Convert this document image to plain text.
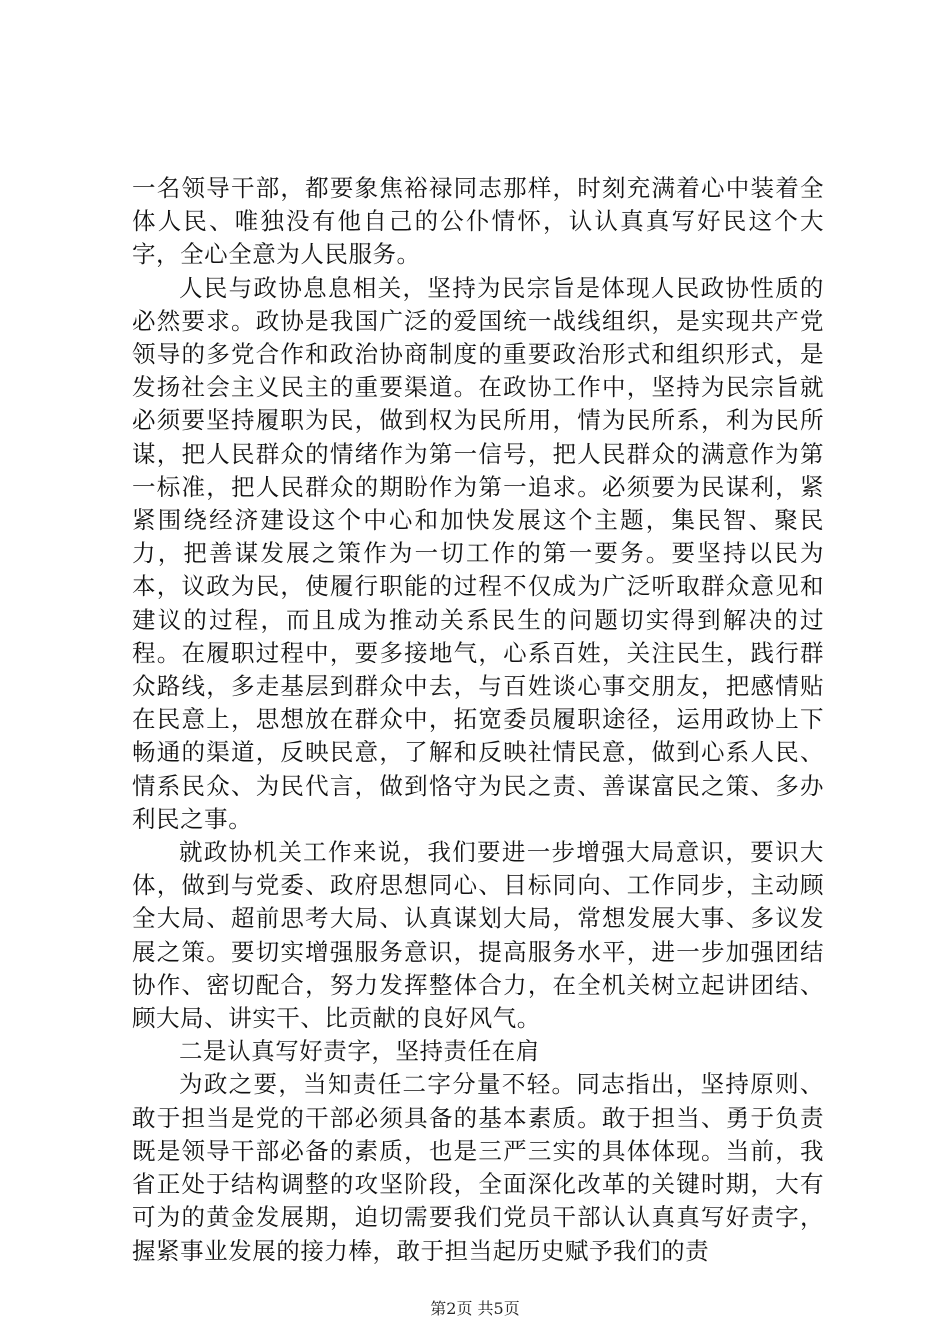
一名领导干部，都要象焦裕禄同志那样，时刻充满着心中装着全体人民、唯独没有他自己的公仆情怀，认认真真写好民这个大字，全心全意为人民服务。

人民与政协息息相关，坚持为民宗旨是体现人民政协性质的必然要求。政协是我国广泛的爱国统一战线组织，是实现共产党领导的多党合作和政治协商制度的重要政治形式和组织形式，是发扬社会主义民主的重要渠道。在政协工作中，坚持为民宗旨就必须要坚持履职为民，做到权为民所用，情为民所系，利为民所谋，把人民群众的情绪作为第一信号，把人民群众的满意作为第一标准，把人民群众的期盼作为第一追求。必须要为民谋利，紧紧围绕经济建设这个中心和加快发展这个主题，集民智、聚民力，把善谋发展之策作为一切工作的第一要务。要坚持以民为本，议政为民，使履行职能的过程不仅成为广泛听取群众意见和建议的过程，而且成为推动关系民生的问题切实得到解决的过程。在履职过程中，要多接地气，心系百姓，关注民生，践行群众路线，多走基层到群众中去，与百姓谈心事交朋友，把感情贴在民意上，思想放在群众中，拓宽委员履职途径，运用政协上下畅通的渠道，反映民意，了解和反映社情民意，做到心系人民、情系民众、为民代言，做到恪守为民之责、善谋富民之策、多办利民之事。

就政协机关工作来说，我们要进一步增强大局意识，要识大体，做到与党委、政府思想同心、目标同向、工作同步，主动顾全大局、超前思考大局、认真谋划大局，常想发展大事、多议发展之策。要切实增强服务意识，提高服务水平，进一步加强团结协作、密切配合，努力发挥整体合力，在全机关树立起讲团结、顾大局、讲实干、比贡献的良好风气。

二是认真写好责字，坚持责任在肩

为政之要，当知责任二字分量不轻。同志指出，坚持原则、敢于担当是党的干部必须具备的基本素质。敢于担当、勇于负责既是领导干部必备的素质，也是三严三实的具体体现。当前，我省正处于结构调整的攻坚阶段，全面深化改革的关键时期，大有可为的黄金发展期，迫切需要我们党员干部认认真真写好责字，握紧事业发展的接力棒，敢于担当起历史赋予我们的责

第2页 共5页
